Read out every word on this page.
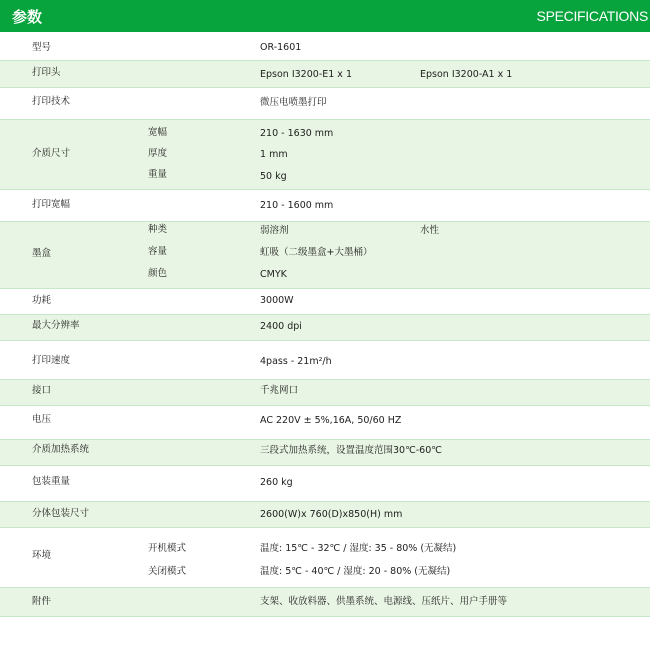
参数	SPECIFICATIONS
型号	OR-1601
打印头	Epson I3200-E1 x 1	Epson I3200-A1 x 1
打印技术	微压电喷墨打印
介质尺寸
宽幅	210 - 1630 mm
厚度	1 mm
重量	50 kg
打印宽幅	210 - 1600 mm
墨盒
种类	弱溶剂	水性
容量	虹吸（二级墨盒+大墨桶）
颜色	CMYK
功耗	3000W
最大分辨率	2400 dpi
打印速度	4pass - 21m²/h
接口	千兆网口
电压	AC 220V ± 5%,16A, 50/60 HZ
介质加热系统	三段式加热系统，设置温度范围30℃-60℃
包装重量	260 kg
分体包装尺寸	2600(W)x 760(D)x850(H) mm
环境
开机模式	温度: 15℃ - 32℃ / 湿度: 35 - 80% (无凝结)
关闭模式	温度: 5℃ - 40℃ / 湿度: 20 - 80% (无凝结)
附件	支架、收放料器、供墨系统、电源线、压纸片、用户手册等
